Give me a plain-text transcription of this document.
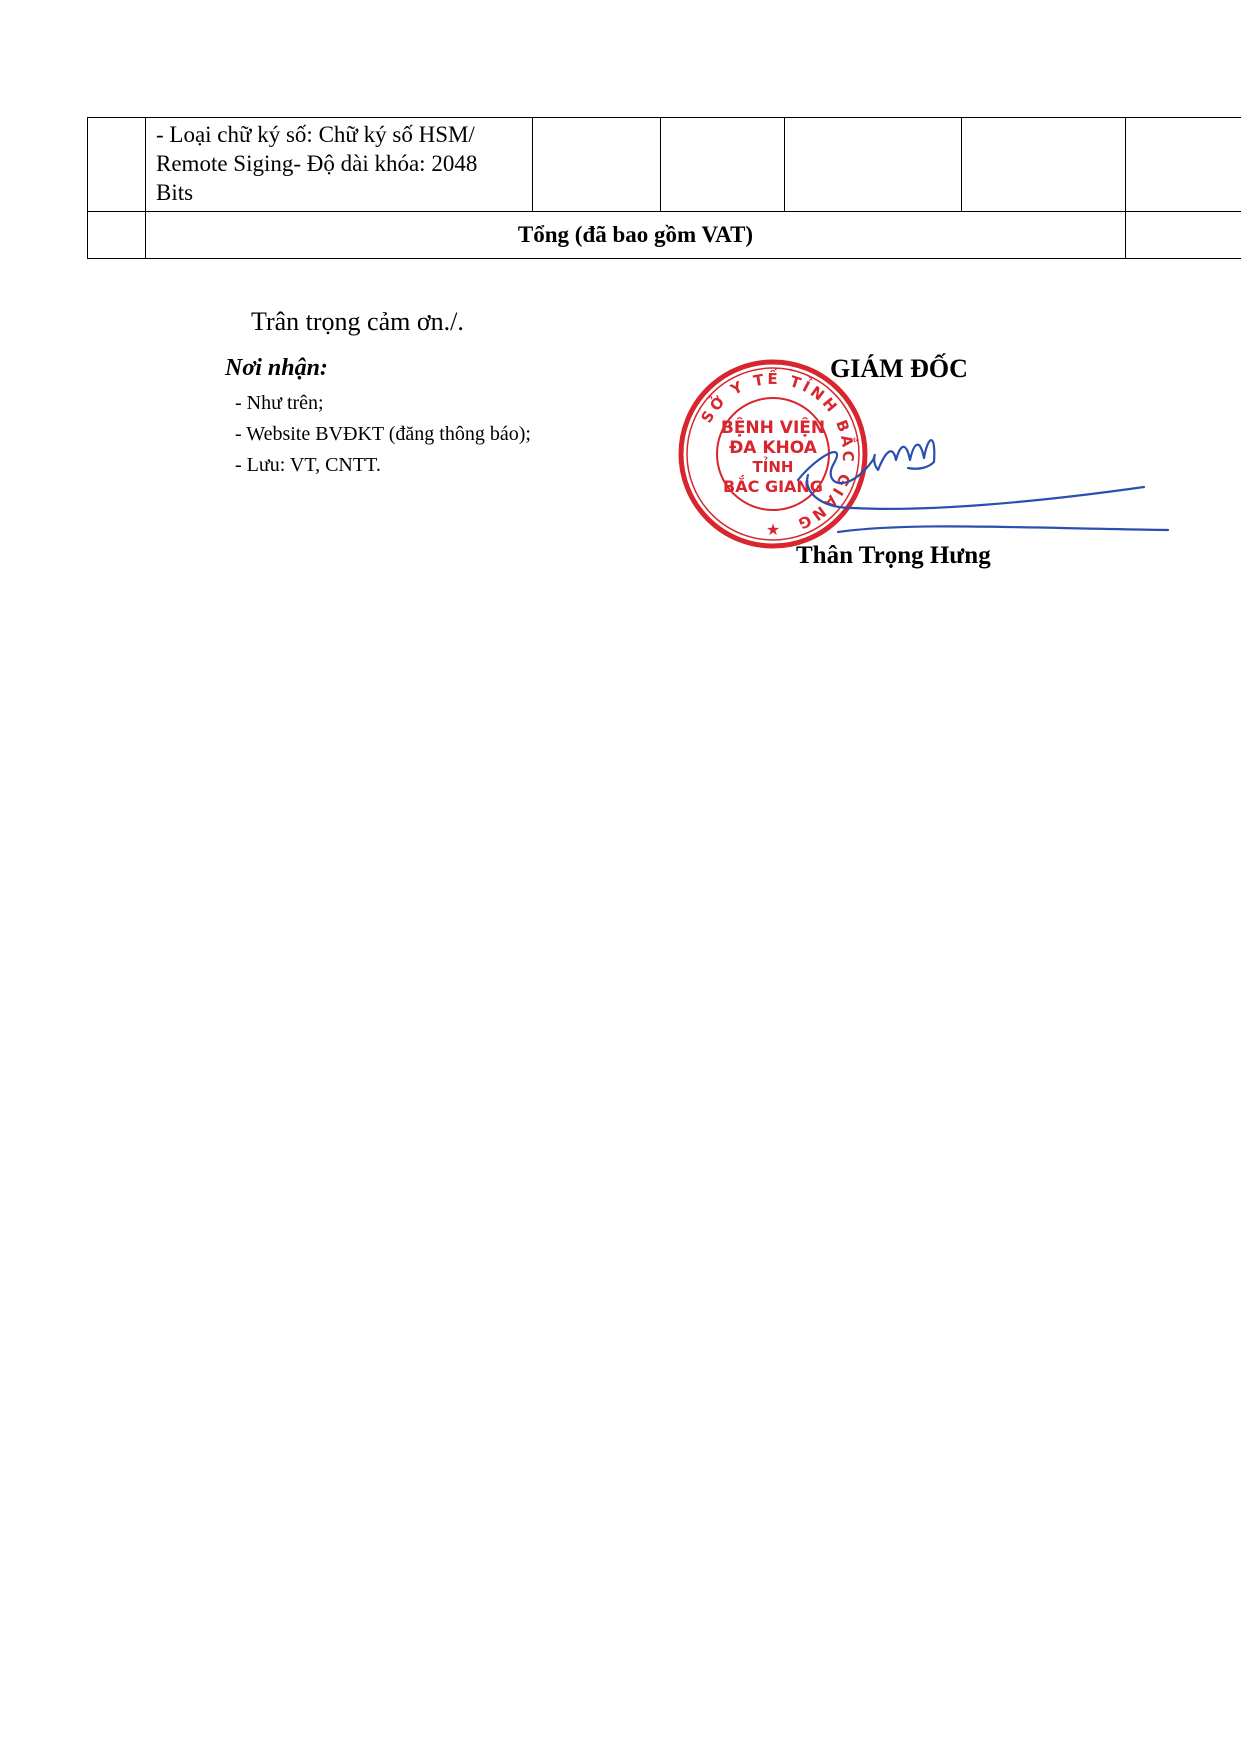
	- Loại chữ ký số: Chữ ký số HSM/
Remote Siging- Độ dài khóa: 2048
Bits					

	Tổng (đã bao gồm VAT)					
Trân trọng cảm ơn./.
Nơi nhận:
- Như trên;
- Website BVĐKT (đăng thông báo);
- Lưu: VT, CNTT.
SỞ Y TẾ TỈNH BẮC GIANG
BỆNH VIỆN
ĐA KHOA
TỈNH
BẮC GIANG
★
GIÁM ĐỐC
Thân Trọng Hưng
